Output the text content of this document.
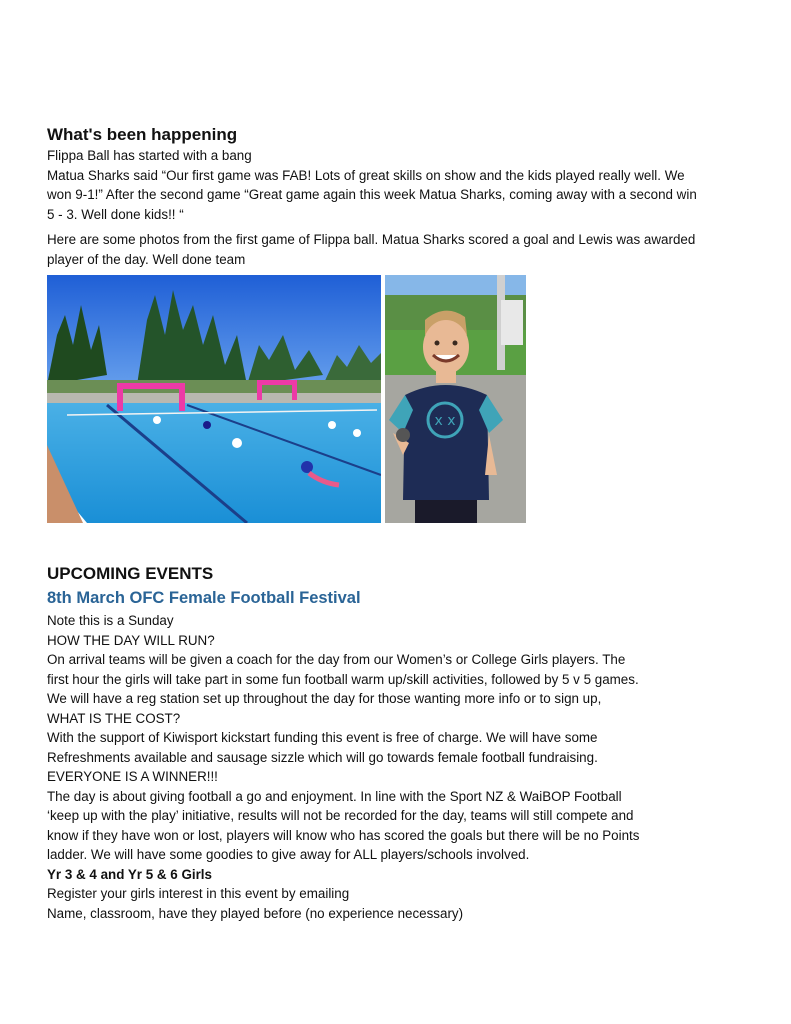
What's been happening

Flippa Ball has started with a bang

Matua Sharks said “Our first game was FAB! Lots of great skills on show and the kids played really well. We

won 9-1!” After the second game “Great game again this week Matua Sharks, coming away with a second win

5 - 3. Well done kids!! “

Here are some photos from the first game of Flippa ball. Matua Sharks scored a goal and Lewis was awarded

player of the day. Well done team

x x
UPCOMING EVENTS
8th March OFC Female Football Festival

Note this is a Sunday

HOW THE DAY WILL RUN?

On arrival teams will be given a coach for the day from our Women’s or College Girls players. The

first hour the girls will take part in some fun football warm up/skill activities, followed by 5 v 5 games.

We will have a reg station set up throughout the day for those wanting more info or to sign up,

WHAT IS THE COST?

With the support of Kiwisport kickstart funding this event is free of charge. We will have some

Refreshments available and sausage sizzle which will go towards female football fundraising.

EVERYONE IS A WINNER!!!

The day is about giving football a go and enjoyment. In line with the Sport NZ & WaiBOP Football

‘keep up with the play’ initiative, results will not be recorded for the day, teams will still compete and

know if they have won or lost, players will know who has scored the goals but there will be no Points

ladder. We will have some goodies to give away for ALL players/schools involved.

Yr 3 & 4 and Yr 5 & 6 Girls

Register your girls interest in this event by emailing

Name, classroom, have they played before (no experience necessary)
